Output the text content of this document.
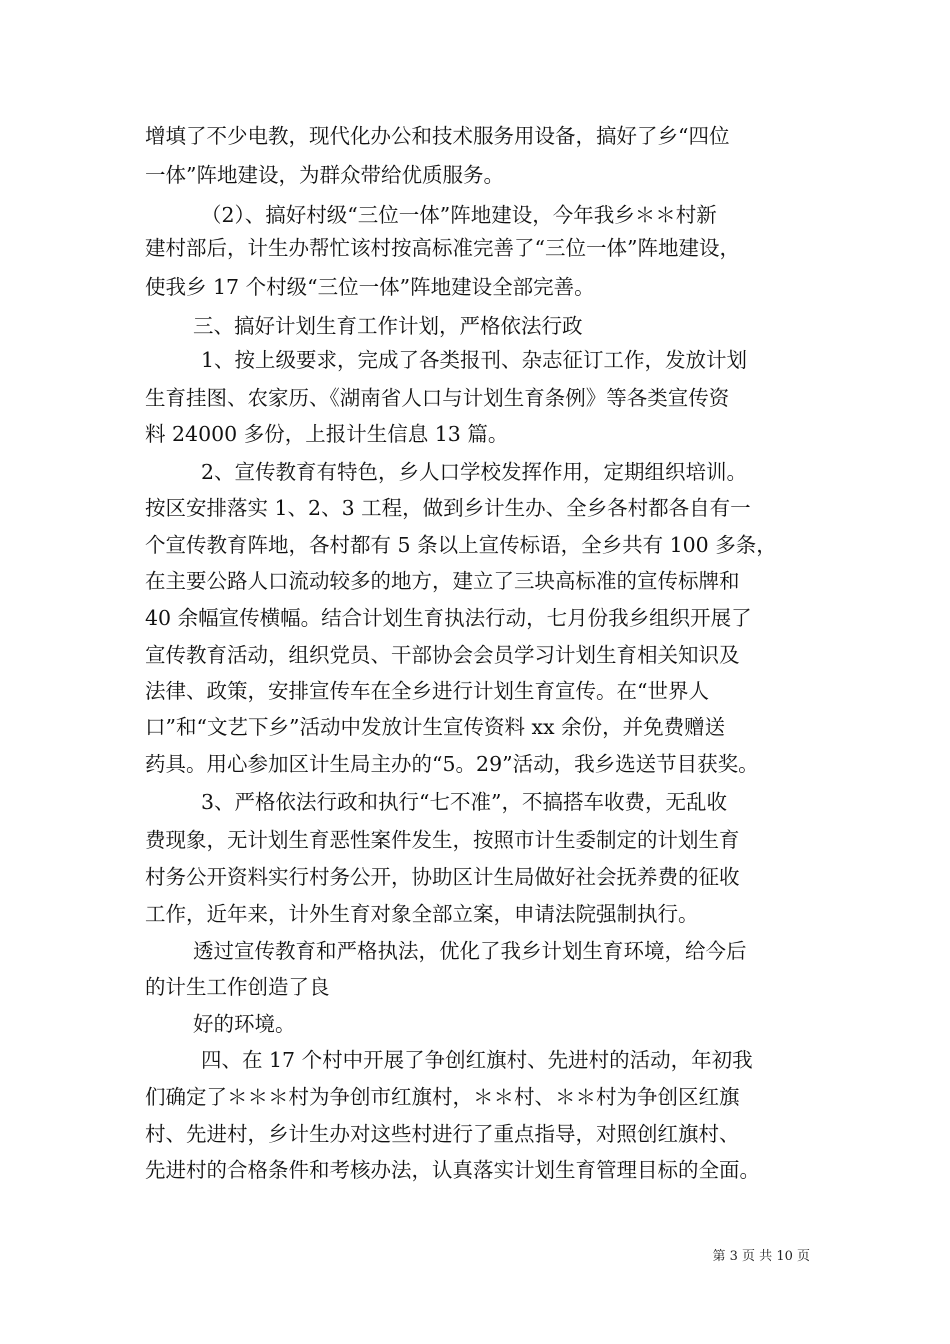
增填了不少电教，现代化办公和技术服务用设备，搞好了乡“四位
一体”阵地建设，为群众带给优质服务。
（2）、搞好村级“三位一体”阵地建设，今年我乡＊＊村新
建村部后，计生办帮忙该村按高标准完善了“三位一体”阵地建设，
使我乡 17 个村级“三位一体”阵地建设全部完善。
三、搞好计划生育工作计划，严格依法行政
1、按上级要求，完成了各类报刊、杂志征订工作，发放计划
生育挂图、农家历、《湖南省人口与计划生育条例》等各类宣传资
料 24000 多份，上报计生信息 13 篇。
2、宣传教育有特色，乡人口学校发挥作用，定期组织培训。
按区安排落实 1、2、3 工程，做到乡计生办、全乡各村都各自有一
个宣传教育阵地，各村都有 5 条以上宣传标语，全乡共有 100 多条，
在主要公路人口流动较多的地方，建立了三块高标准的宣传标牌和
40 余幅宣传横幅。结合计划生育执法行动，七月份我乡组织开展了
宣传教育活动，组织党员、干部协会会员学习计划生育相关知识及
法律、政策，安排宣传车在全乡进行计划生育宣传。在“世界人
口”和“文艺下乡”活动中发放计生宣传资料 xx 余份，并免费赠送
药具。用心参加区计生局主办的“5。29”活动，我乡选送节目获奖。
3、严格依法行政和执行“七不准”，不搞搭车收费，无乱收
费现象，无计划生育恶性案件发生，按照市计生委制定的计划生育
村务公开资料实行村务公开，协助区计生局做好社会抚养费的征收
工作，近年来，计外生育对象全部立案，申请法院强制执行。
透过宣传教育和严格执法，优化了我乡计划生育环境，给今后
的计生工作创造了良
好的环境。
四、在 17 个村中开展了争创红旗村、先进村的活动，年初我
们确定了＊＊＊村为争创市红旗村，＊＊村、＊＊村为争创区红旗
村、先进村，乡计生办对这些村进行了重点指导，对照创红旗村、
先进村的合格条件和考核办法，认真落实计划生育管理目标的全面。
第 3 页 共 10 页
